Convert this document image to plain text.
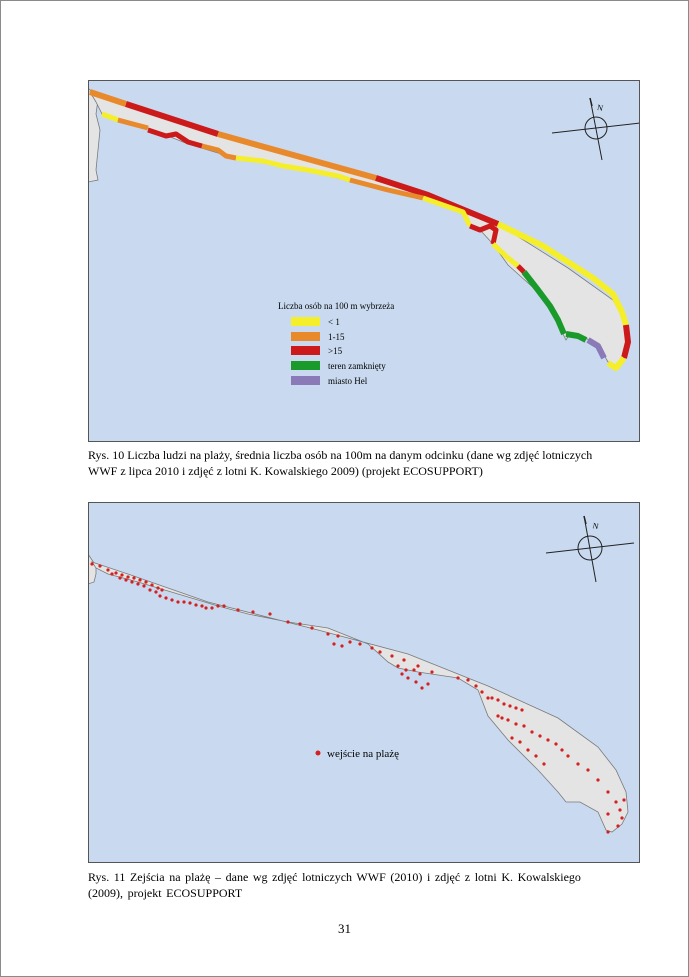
N
Liczba osób na 100 m wybrzeża
< 1
1-15
>15
teren zamknięty
miasto Hel
Rys. 10 Liczba ludzi na plaży, średnia liczba osób na 100m na danym odcinku (dane wg zdjęć lotniczych
WWF z lipca 2010 i zdjęć z lotni K. Kowalskiego 2009) (projekt ECOSUPPORT)
N
wejście na plażę
Rys. 11 Zejścia na plażę – dane wg zdjęć lotniczych WWF (2010) i zdjęć z lotni K. Kowalskiego
(2009), projekt ECOSUPPORT
31
